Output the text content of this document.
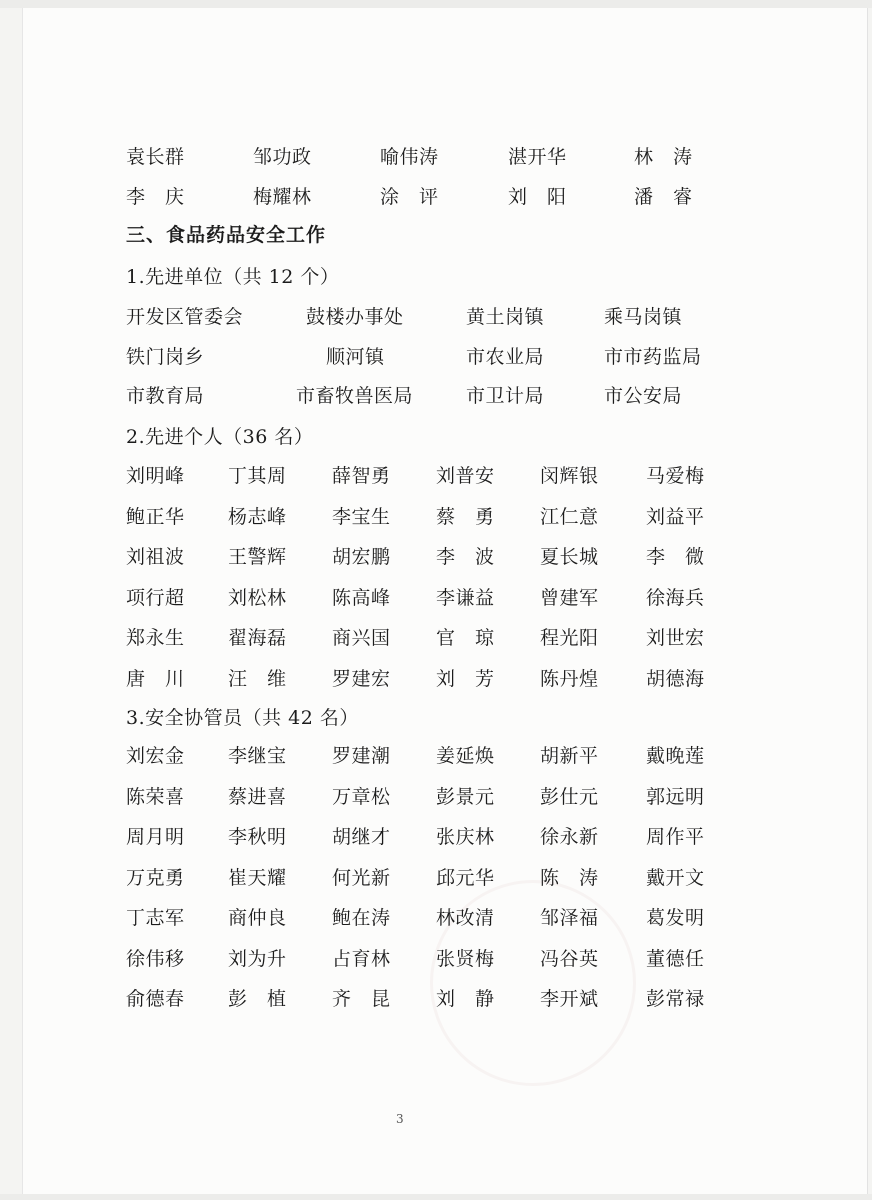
袁长群	邹功政	喻伟涛	湛开华	林　涛
李　庆	梅耀林	涂　评	刘　阳	潘　睿
三、食品药品安全工作
1.先进单位（共 12 个）
开发区管委会	鼓楼办事处	黄土岗镇	乘马岗镇
铁门岗乡	顺河镇	市农业局	市市药监局
市教育局	市畜牧兽医局	市卫计局	市公安局
2.先进个人（36 名）
刘明峰 丁其周 薛智勇 刘普安 闵辉银 马爱梅
鲍正华 杨志峰 李宝生 蔡　勇 江仁意 刘益平
刘祖波 王警辉 胡宏鹏 李　波 夏长城 李　微
项行超 刘松林 陈高峰 李谦益 曾建军 徐海兵
郑永生 翟海磊 商兴国 官　琼 程光阳 刘世宏
唐　川 汪　维 罗建宏 刘　芳 陈丹煌 胡德海
3.安全协管员（共 42 名）
刘宏金 李继宝 罗建潮 姜延焕 胡新平 戴晚莲
陈荣喜 蔡进喜 万章松 彭景元 彭仕元 郭远明
周月明 李秋明 胡继才 张庆林 徐永新 周作平
万克勇 崔天耀 何光新 邱元华 陈　涛 戴开文
丁志军 商仲良 鲍在涛 林改清 邹泽福 葛发明
徐伟移 刘为升 占育林 张贤梅 冯谷英 董德任
俞德春 彭　植 齐　昆 刘　静 李开斌 彭常禄
3
